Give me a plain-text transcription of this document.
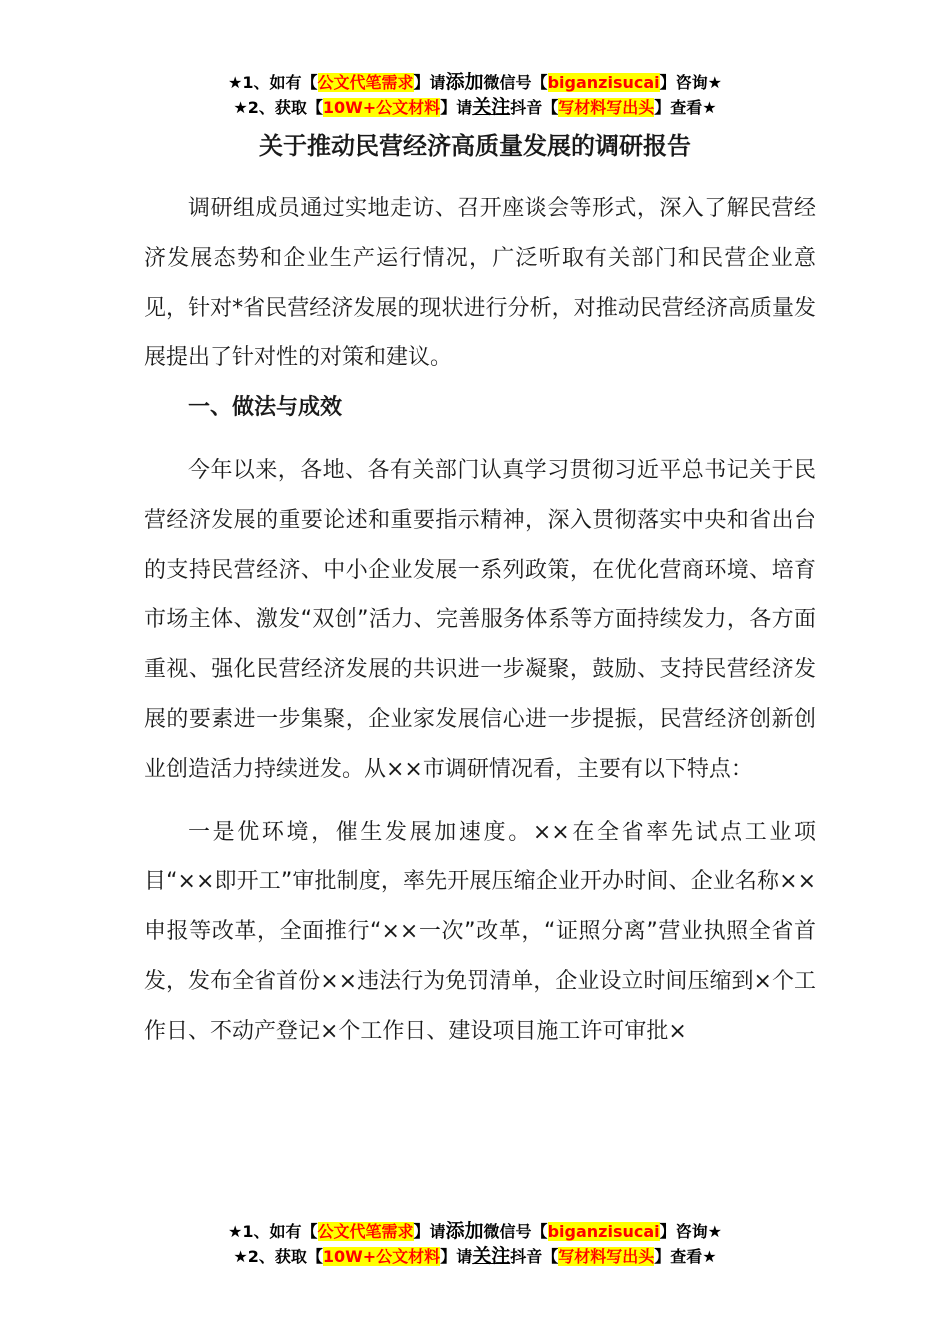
★1、如有【公文代笔需求】请添加微信号【biganzisucai】咨询★
★2、获取【10W+公文材料】请关注抖音【写材料写出头】查看★
关于推动民营经济高质量发展的调研报告

调研组成员通过实地走访、召开座谈会等形式，深入了解民营经济发展态势和企业生产运行情况，广泛听取有关部门和民营企业意见，针对*省民营经济发展的现状进行分析，对推动民营经济高质量发展提出了针对性的对策和建议。

一、做法与成效

今年以来，各地、各有关部门认真学习贯彻习近平总书记关于民营经济发展的重要论述和重要指示精神，深入贯彻落实中央和省出台的支持民营经济、中小企业发展一系列政策，在优化营商环境、培育市场主体、激发“双创”活力、完善服务体系等方面持续发力，各方面重视、强化民营经济发展的共识进一步凝聚，鼓励、支持民营经济发展的要素进一步集聚，企业家发展信心进一步提振，民营经济创新创业创造活力持续迸发。从××市调研情况看，主要有以下特点：

一是优环境，催生发展加速度。××在全省率先试点工业项目“××即开工”审批制度，率先开展压缩企业开办时间、企业名称××申报等改革，全面推行“××一次”改革，“证照分离”营业执照全省首发，发布全省首份××违法行为免罚清单，企业设立时间压缩到×个工作日、不动产登记×个工作日、建设项目施工许可审批×

★1、如有【公文代笔需求】请添加微信号【biganzisucai】咨询★
★2、获取【10W+公文材料】请关注抖音【写材料写出头】查看★
